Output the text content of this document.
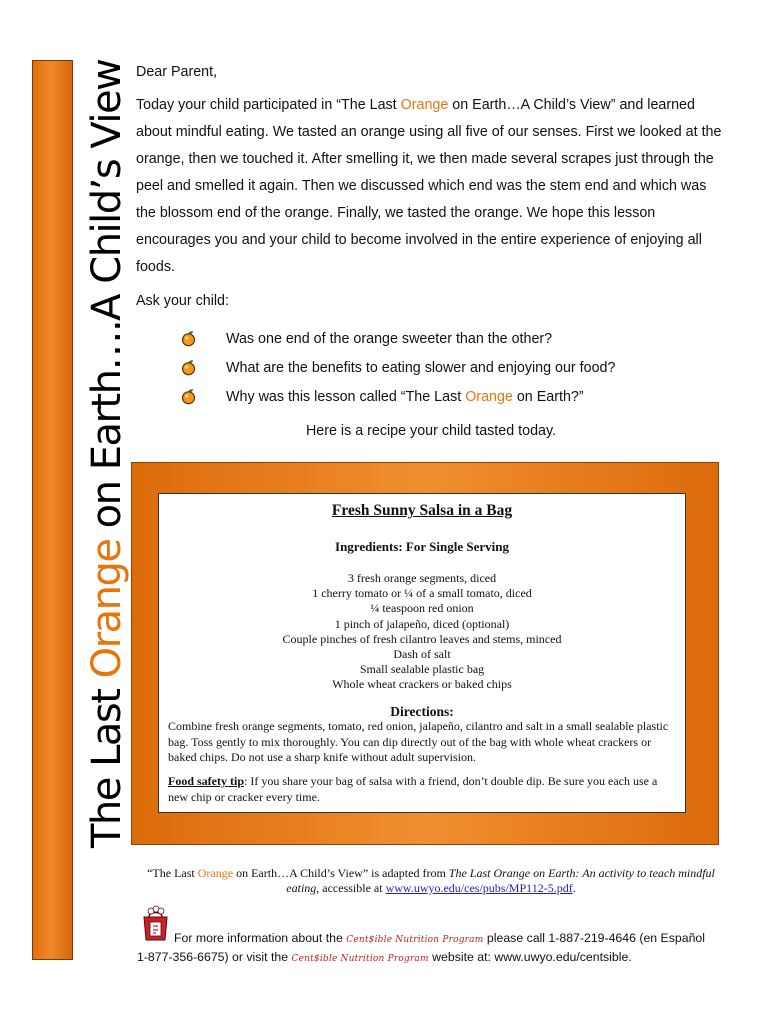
The Last Orange on Earth….A Child’s View Dear Parent,
Today your child participated in “The Last Orange on Earth…A Child’s View” and learned about mindful eating. We tasted an orange using all five of our senses. First we looked at the orange, then we touched it. After smelling it, we then made several scrapes just through the peel and smelled it again. Then we discussed which end was the stem end and which was the blossom end of the orange. Finally, we tasted the orange. We hope this lesson encourages you and your child to become involved in the entire experience of enjoying all foods.
Ask your child:
Was one end of the orange sweeter than the other?
What are the benefits to eating slower and enjoying our food?
Why was this lesson called “The Last Orange on Earth?”
Here is a recipe your child tasted today.
Fresh Sunny Salsa in a Bag
Ingredients: For Single Serving
3 fresh orange segments, diced
1 cherry tomato or ¼ of a small tomato, diced
¼ teaspoon red onion
1 pinch of jalapeño, diced (optional)
Couple pinches of fresh cilantro leaves and stems, minced
Dash of salt
Small sealable plastic bag
Whole wheat crackers or baked chips
Directions:
Combine fresh orange segments, tomato, red onion, jalapeño, cilantro and salt in a small sealable plastic bag. Toss gently to mix thoroughly. You can dip directly out of the bag with whole wheat crackers or baked chips. Do not use a sharp knife without adult supervision.
Food safety tip: If you share your bag of salsa with a friend, don’t double dip. Be sure you each use a new chip or cracker every time.
“The Last Orange on Earth…A Child’s View” is adapted from The Last Orange on Earth: An activity to teach mindful eating, accessible at www.uwyo.edu/ces/pubs/MP112-5.pdf.
For more information about the Cent$ible Nutrition Program please call 1-887-219-4646 (en Español 1-877-356-6675) or visit the Cent$ible Nutrition Program website at: www.uwyo.edu/centsible.
